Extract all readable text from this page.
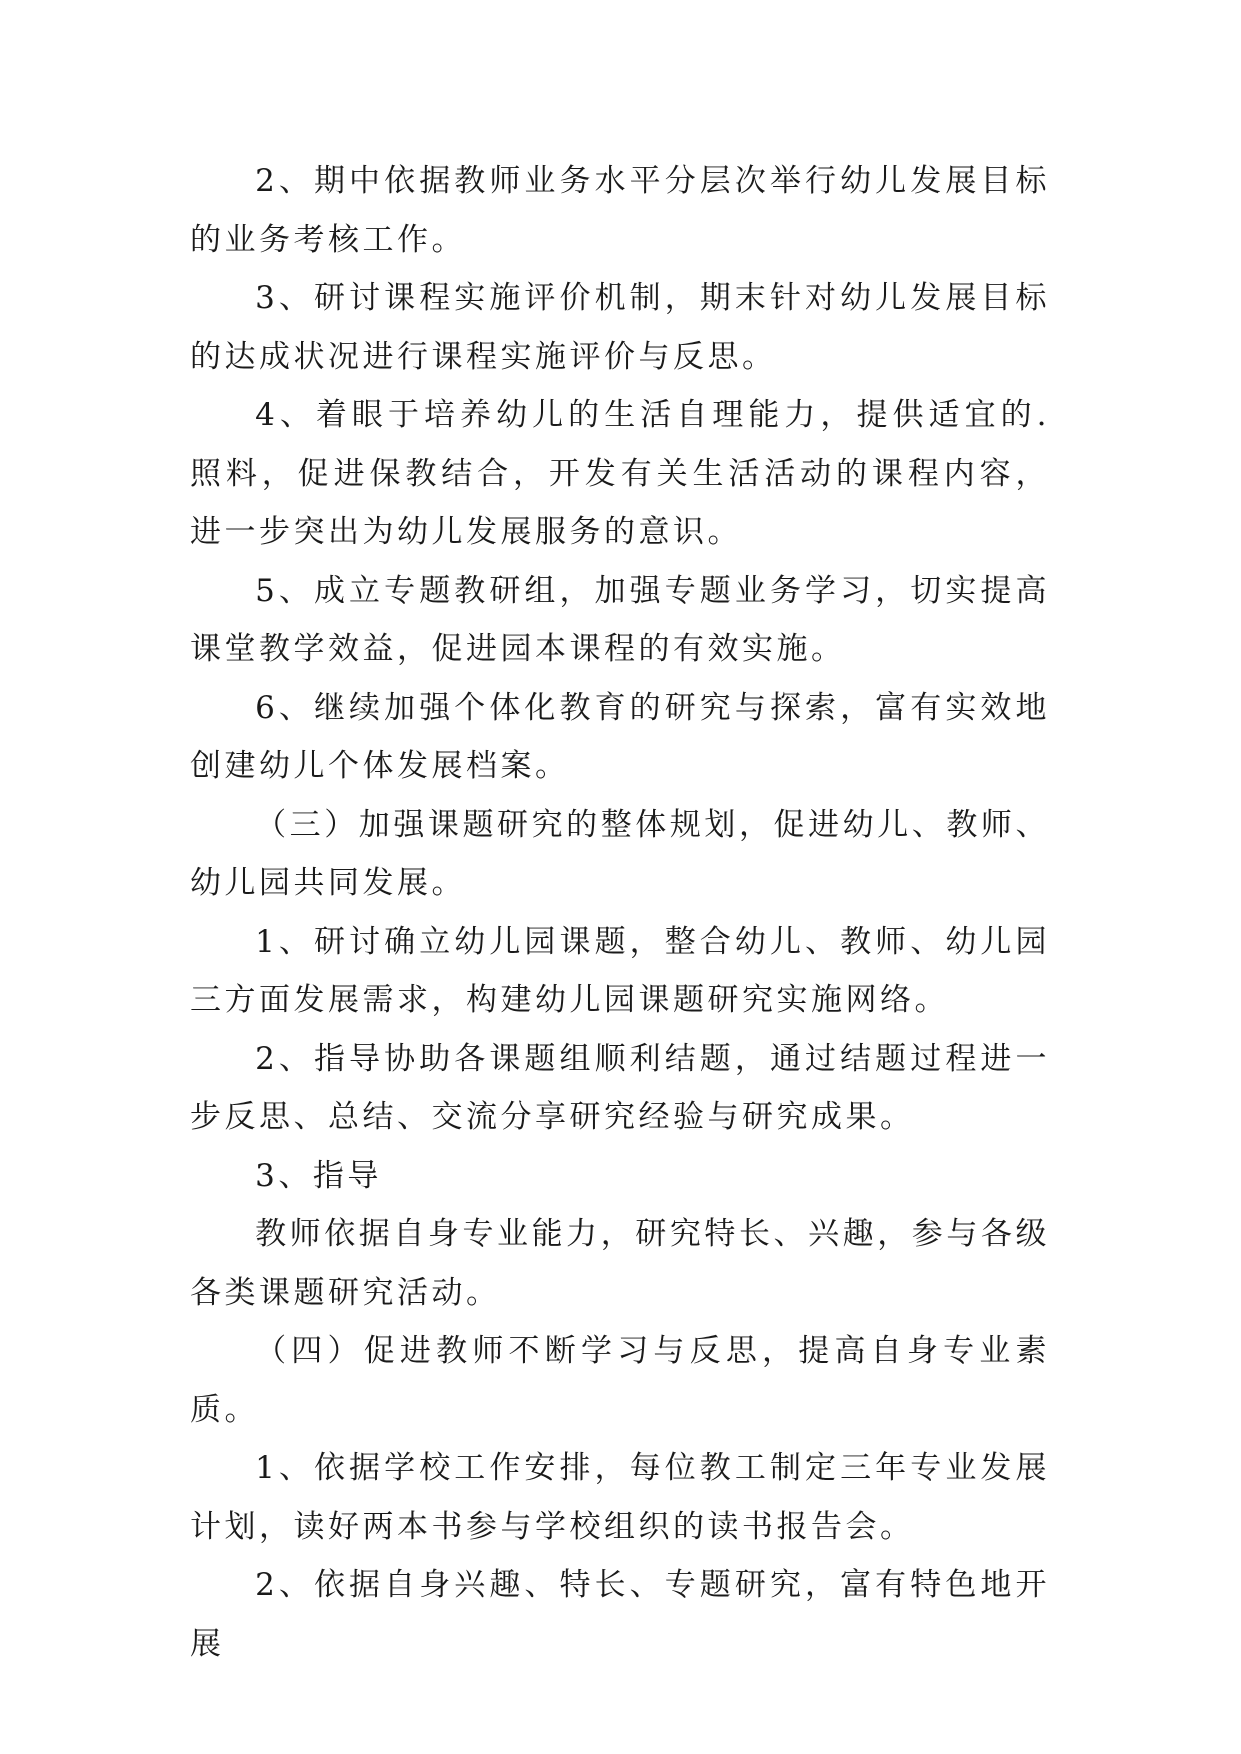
2、期中依据教师业务水平分层次举行幼儿发展目标的业务考核工作。

3、研讨课程实施评价机制，期末针对幼儿发展目标的达成状况进行课程实施评价与反思。

4、着眼于培养幼儿的生活自理能力，提供适宜的.照料，促进保教结合，开发有关生活活动的课程内容，进一步突出为幼儿发展服务的意识。

5、成立专题教研组，加强专题业务学习，切实提高课堂教学效益，促进园本课程的有效实施。

6、继续加强个体化教育的研究与探索，富有实效地创建幼儿个体发展档案。

（三）加强课题研究的整体规划，促进幼儿、教师、幼儿园共同发展。

1、研讨确立幼儿园课题，整合幼儿、教师、幼儿园三方面发展需求，构建幼儿园课题研究实施网络。

2、指导协助各课题组顺利结题，通过结题过程进一步反思、总结、交流分享研究经验与研究成果。

3、指导

教师依据自身专业能力，研究特长、兴趣，参与各级各类课题研究活动。

（四）促进教师不断学习与反思，提高自身专业素质。

1、依据学校工作安排，每位教工制定三年专业发展计划，读好两本书参与学校组织的读书报告会。

2、依据自身兴趣、特长、专题研究，富有特色地开展
